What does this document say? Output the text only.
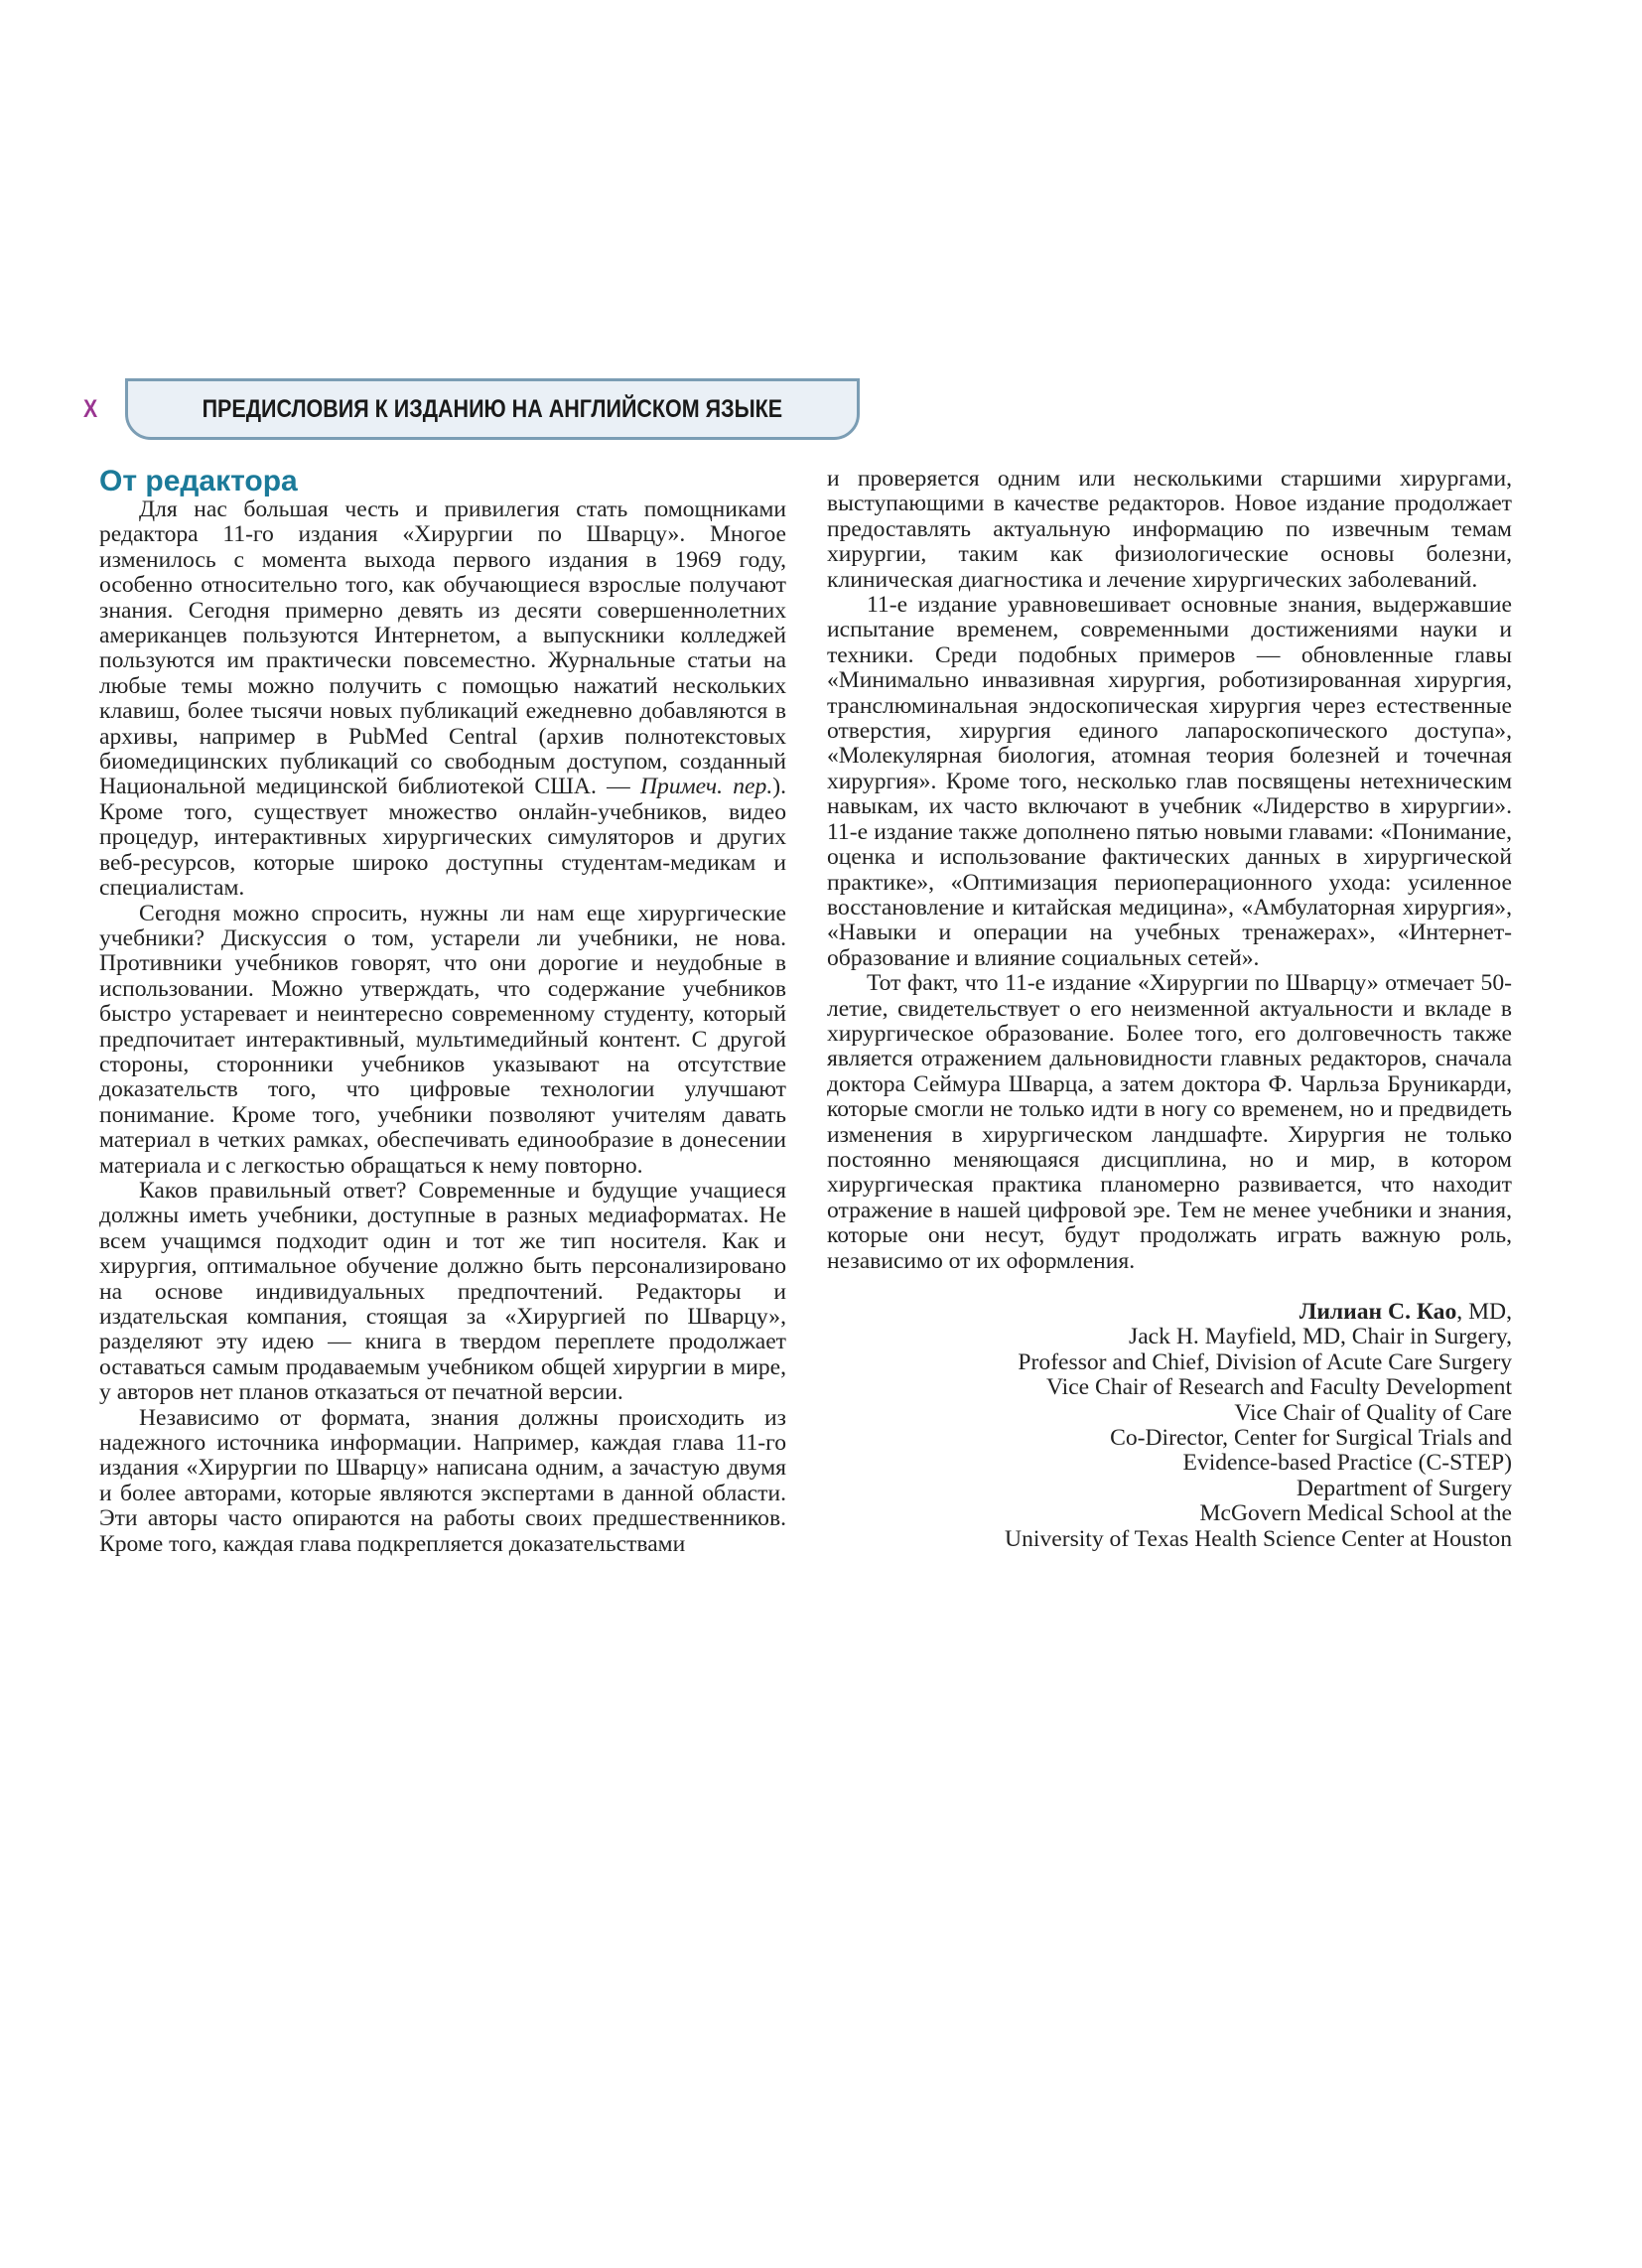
X	ПРЕДИСЛОВИЯ К ИЗДАНИЮ НА АНГЛИЙСКОМ ЯЗЫКЕ
От редактора

Для нас большая честь и привилегия стать помощниками редактора 11-го издания «Хирургии по Шварцу». Многое изменилось с момента выхода первого издания в 1969 году, особенно относительно того, как обучающиеся взрослые получают знания. Сегодня примерно девять из десяти совершеннолетних американцев пользуются Интернетом, а выпускники колледжей пользуются им практически повсеместно. Журнальные статьи на любые темы можно получить с помощью нажатий нескольких клавиш, более тысячи новых публикаций ежедневно добавляются в архивы, например в PubMed Central (архив полнотекстовых биомедицинских публикаций со свободным доступом, созданный Национальной медицинской библиотекой США. — Примеч. пер.). Кроме того, существует множество онлайн-учебников, видео процедур, интерактивных хирургических симуляторов и других веб-ресурсов, которые широко доступны студентам-медикам и специалистам.

Сегодня можно спросить, нужны ли нам еще хирургические учебники? Дискуссия о том, устарели ли учебники, не нова. Противники учебников говорят, что они дорогие и неудобные в использовании. Можно утверждать, что содержание учебников быстро устаревает и неинтересно современному студенту, который предпочитает интерактивный, мультимедийный контент. С другой стороны, сторонники учебников указывают на отсутствие доказательств того, что цифровые технологии улучшают понимание. Кроме того, учебники позволяют учителям давать материал в четких рамках, обеспечивать единообразие в донесении материала и с легкостью обращаться к нему повторно.

Каков правильный ответ? Современные и будущие учащиеся должны иметь учебники, доступные в разных медиаформатах. Не всем учащимся подходит один и тот же тип носителя. Как и хирургия, оптимальное обучение должно быть персонализировано на основе индивидуальных предпочтений. Редакторы и издательская компания, стоящая за «Хирургией по Шварцу», разделяют эту идею — книга в твердом переплете продолжает оставаться самым продаваемым учебником общей хирургии в мире, у авторов нет планов отказаться от печатной версии.

Независимо от формата, знания должны происходить из надежного источника информации. Например, каждая глава 11-го издания «Хирургии по Шварцу» написана одним, а зачастую двумя и более авторами, которые являются экспертами в данной области. Эти авторы часто опираются на работы своих предшественников. Кроме того, каждая глава подкрепляется доказательствами

и проверяется одним или несколькими старшими хирургами, выступающими в качестве редакторов. Новое издание продолжает предоставлять актуальную информацию по извечным темам хирургии, таким как физиологические основы болезни, клиническая диагностика и лечение хирургических заболеваний.

11-е издание уравновешивает основные знания, выдержавшие испытание временем, современными достижениями науки и техники. Среди подобных примеров — обновленные главы «Минимально инвазивная хирургия, роботизированная хирургия, транслюминальная эндоскопическая хирургия через естественные отверстия, хирургия единого лапароскопического доступа», «Молекулярная биология, атомная теория болезней и точечная хирургия». Кроме того, несколько глав посвящены нетехническим навыкам, их часто включают в учебник «Лидерство в хирургии». 11-е издание также дополнено пятью новыми главами: «Понимание, оценка и использование фактических данных в хирургической практике», «Оптимизация периоперационного ухода: усиленное восстановление и китайская медицина», «Амбулаторная хирургия», «Навыки и операции на учебных тренажерах», «Интернет-образование и влияние социальных сетей».

Тот факт, что 11-е издание «Хирургии по Шварцу» отмечает 50-летие, свидетельствует о его неизменной актуальности и вкладе в хирургическое образование. Более того, его долговечность также является отражением дальновидности главных редакторов, сначала доктора Сеймура Шварца, а затем доктора Ф. Чарльза Бруникарди, которые смогли не только идти в ногу со временем, но и предвидеть изменения в хирургическом ландшафте. Хирургия не только постоянно меняющаяся дисциплина, но и мир, в котором хирургическая практика планомерно развивается, что находит отражение в нашей цифровой эре. Тем не менее учебники и знания, которые они несут, будут продолжать играть важную роль, независимо от их оформления.

Лилиан С. Као, MD,
Jack H. Mayfield, MD, Chair in Surgery,
Professor and Chief, Division of Acute Care Surgery
Vice Chair of Research and Faculty Development
Vice Chair of Quality of Care
Co-Director, Center for Surgical Trials and
Evidence-based Practice (C-STEP)
Department of Surgery
McGovern Medical School at the
University of Texas Health Science Center at Houston
